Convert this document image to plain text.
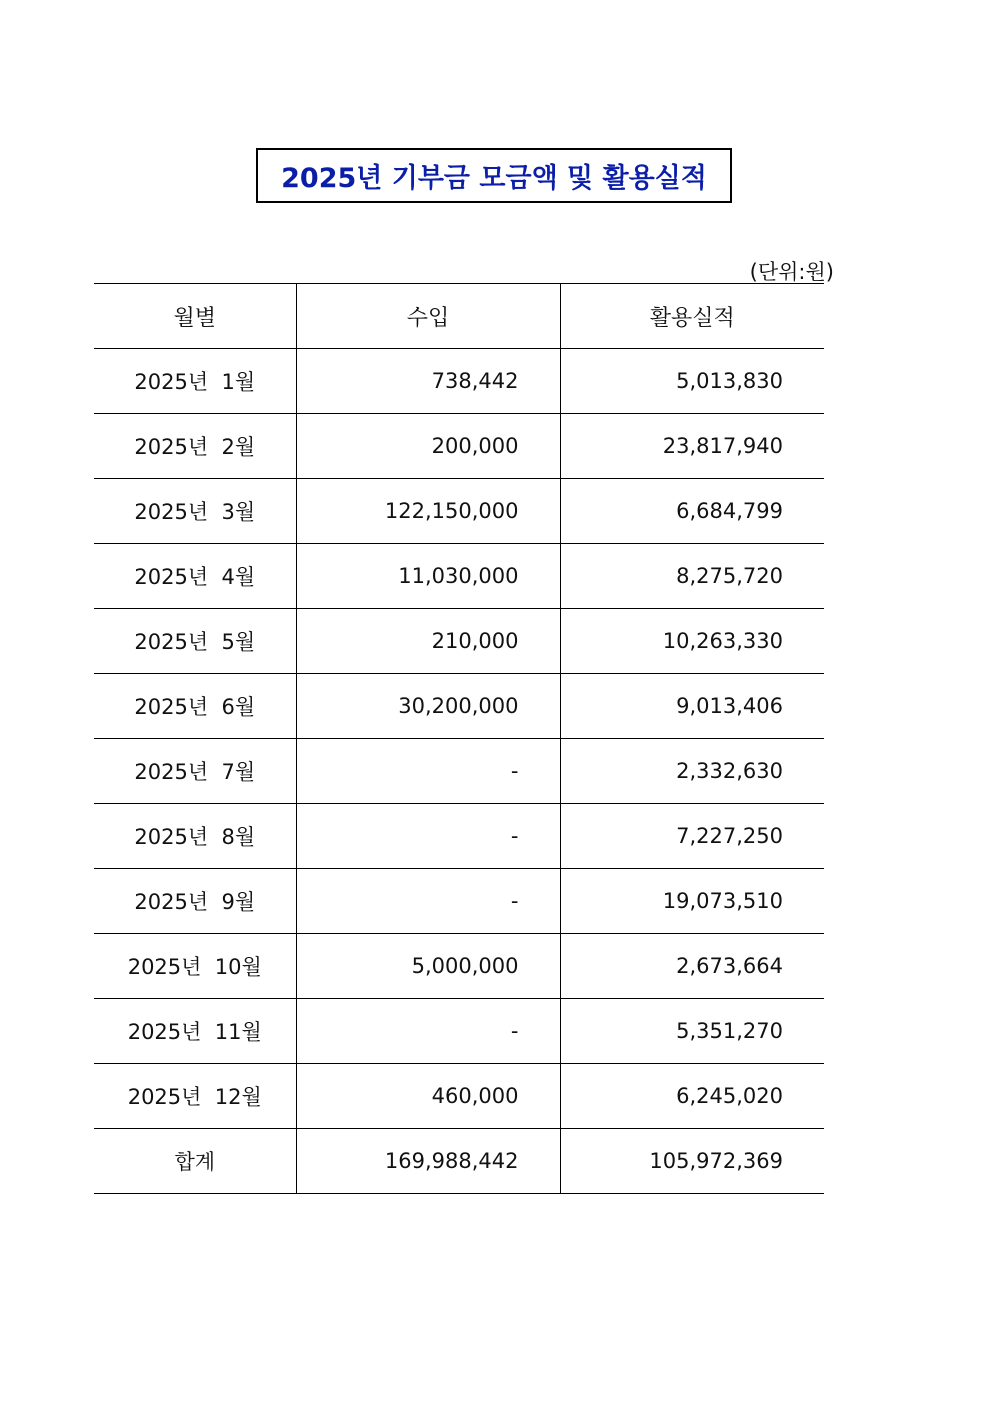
2025년 기부금 모금액 및 활용실적
(단위:원)
월별	수입	활용실적
2025년  1월	738,442	5,013,830
2025년  2월	200,000	23,817,940
2025년  3월	122,150,000	6,684,799
2025년  4월	11,030,000	8,275,720
2025년  5월	210,000	10,263,330
2025년  6월	30,200,000	9,013,406
2025년  7월	-	2,332,630
2025년  8월	-	7,227,250
2025년  9월	-	19,073,510
2025년  10월	5,000,000	2,673,664
2025년  11월	-	5,351,270
2025년  12월	460,000	6,245,020
합계	169,988,442	105,972,369
